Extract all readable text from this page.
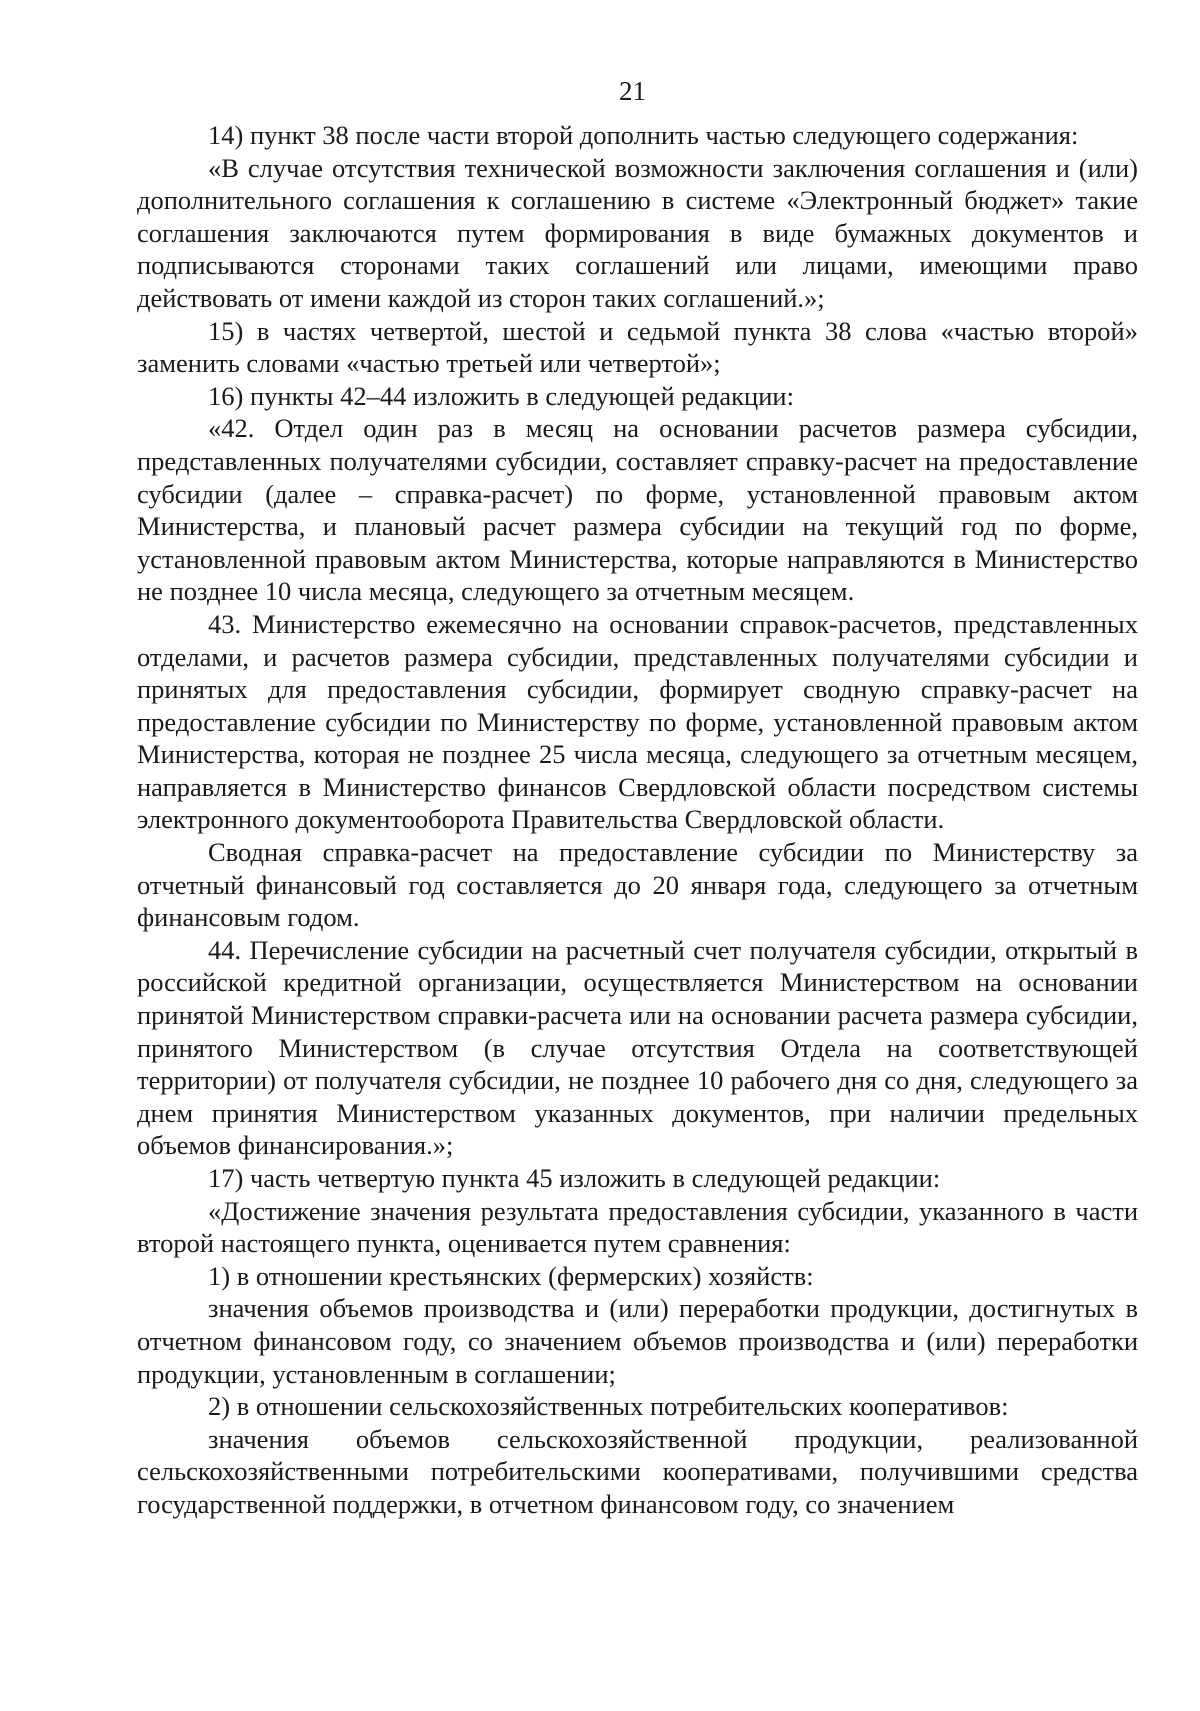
21

14) пункт 38 после части второй дополнить частью следующего содержания:

«В случае отсутствия технической возможности заключения соглашения и (или) дополнительного соглашения к соглашению в системе «Электронный бюджет» такие соглашения заключаются путем формирования в виде бумажных документов и подписываются сторонами таких соглашений или лицами, имеющими право действовать от имени каждой из сторон таких соглашений.»;

15) в частях четвертой, шестой и седьмой пункта 38 слова «частью второй» заменить словами «частью третьей или четвертой»;

16) пункты 42–44 изложить в следующей редакции:

«42. Отдел один раз в месяц на основании расчетов размера субсидии, представленных получателями субсидии, составляет справку-расчет на предоставление субсидии (далее – справка-расчет) по форме, установленной правовым актом Министерства, и плановый расчет размера субсидии на текущий год по форме, установленной правовым актом Министерства, которые направляются в Министерство не позднее 10 числа месяца, следующего за отчетным месяцем.

43. Министерство ежемесячно на основании справок-расчетов, представленных отделами, и расчетов размера субсидии, представленных получателями субсидии и принятых для предоставления субсидии, формирует сводную справку-расчет на предоставление субсидии по Министерству по форме, установленной правовым актом Министерства, которая не позднее 25 числа месяца, следующего за отчетным месяцем, направляется в Министерство финансов Свердловской области посредством системы электронного документооборота Правительства Свердловской области.

Сводная справка-расчет на предоставление субсидии по Министерству за отчетный финансовый год составляется до 20 января года, следующего за отчетным финансовым годом.

44. Перечисление субсидии на расчетный счет получателя субсидии, открытый в российской кредитной организации, осуществляется Министерством на основании принятой Министерством справки-расчета или на основании расчета размера субсидии, принятого Министерством (в случае отсутствия Отдела на соответствующей территории) от получателя субсидии, не позднее 10 рабочего дня со дня, следующего за днем принятия Министерством указанных документов, при наличии предельных объемов финансирования.»;

17) часть четвертую пункта 45 изложить в следующей редакции:

«Достижение значения результата предоставления субсидии, указанного в части второй настоящего пункта, оценивается путем сравнения:

1) в отношении крестьянских (фермерских) хозяйств:

значения объемов производства и (или) переработки продукции, достигнутых в отчетном финансовом году, со значением объемов производства и (или) переработки продукции, установленным в соглашении;

2) в отношении сельскохозяйственных потребительских кооперативов:

значения объемов сельскохозяйственной продукции, реализованной сельскохозяйственными потребительскими кооперативами, получившими средства государственной поддержки, в отчетном финансовом году, со значением
